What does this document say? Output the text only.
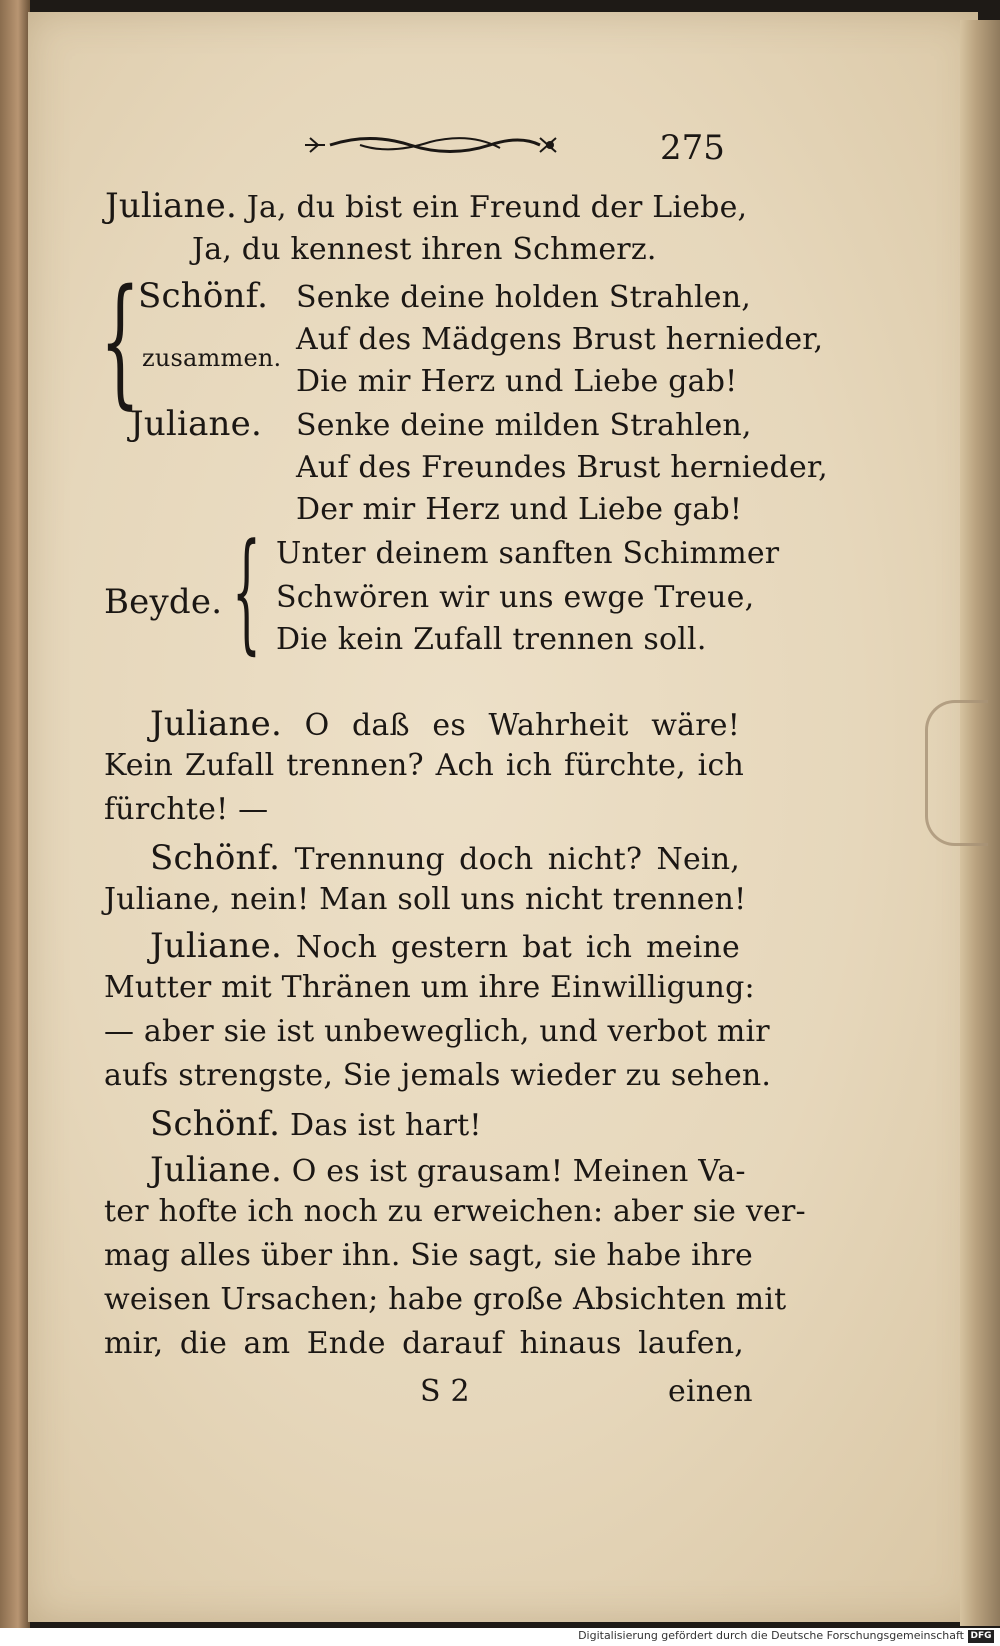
275
Juliane. Ja, du bist ein Freund der Liebe,
Ja, du kennest ihren Schmerz.
{
Schönf. Senke deine holden Strahlen,
Auf des Mädgens Brust hernieder,
zusammen.
Die mir Herz und Liebe gab!
Juliane. Senke deine milden Strahlen,
Auf des Freundes Brust hernieder,
Der mir Herz und Liebe gab!
{
Beyde.
Unter deinem sanften Schimmer
Schwören wir uns ewge Treue,
Die kein Zufall trennen soll.
Juliane. O daß es Wahrheit wäre!
Kein Zufall trennen? Ach ich fürchte, ich
fürchte! —
Schönf. Trennung doch nicht? Nein,
Juliane, nein! Man soll uns nicht trennen!
Juliane. Noch gestern bat ich meine
Mutter mit Thränen um ihre Einwilligung:
— aber sie ist unbeweglich, und verbot mir
aufs strengste, Sie jemals wieder zu sehen.
Schönf. Das ist hart!
Juliane. O es ist grausam! Meinen Va-
ter hofte ich noch zu erweichen: aber sie ver-
mag alles über ihn. Sie sagt, sie habe ihre
weisen Ursachen; habe große Absichten mit
mir, die am Ende darauf hinaus laufen,
S 2	einen
Digitalisierung gefördert durch die Deutsche Forschungsgemeinschaft DFG
